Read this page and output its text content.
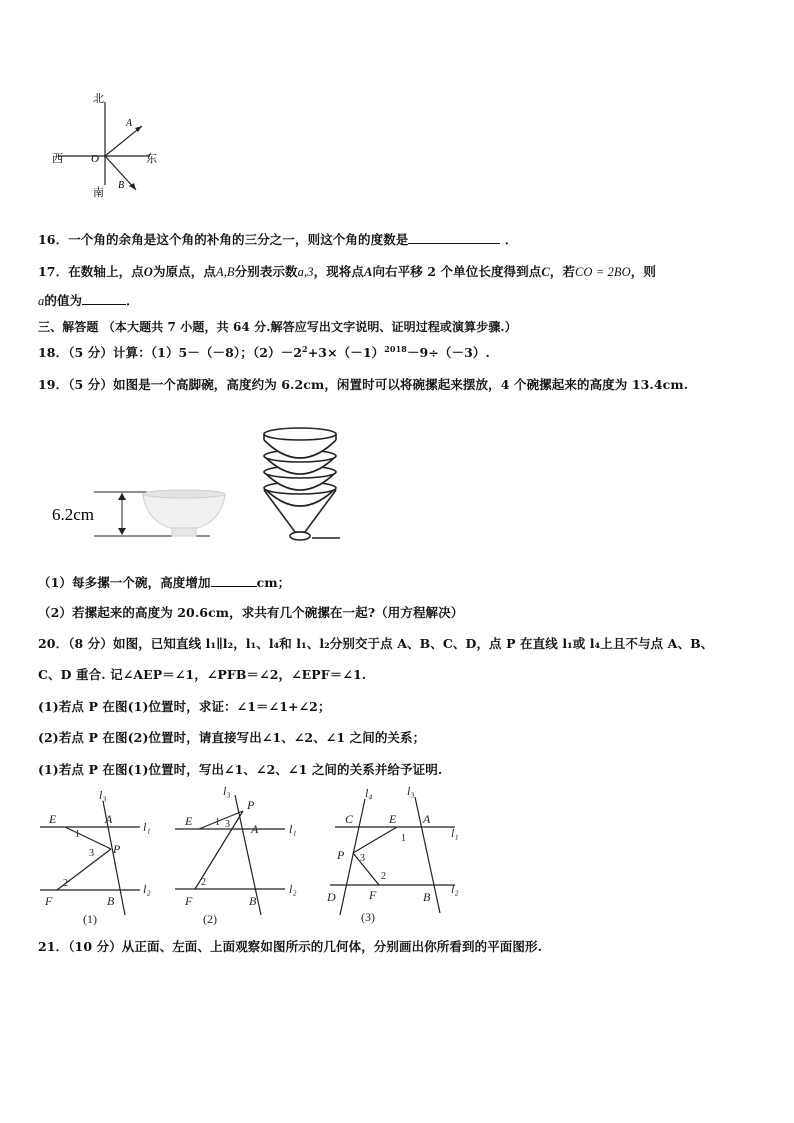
北
南
西	东
O
A
B
16．一个角的余角是这个角的补角的三分之一，则这个角的度数是	．
17．在数轴上，点O为原点，点A,B分别表示数a,3，现将点A向右平移 2 个单位长度得到点C，若CO = 2BO，则
a的值为	．
三、解答题 （本大题共 7 小题，共 64 分.解答应写出文字说明、证明过程或演算步骤.）
18．（5 分）计算：（1）5－（－8）；$(2)-2^2+3\times(-1)^{2018}-9\div(-3)$.
19．（5 分）如图是一个高脚碗，高度约为 6.2cm，闲置时可以将碗摞起来摆放，4 个碗摞起来的高度为 13.4cm.
6.2cm
（1）每多摞一个碗，高度增加	cm；
（2）若摞起来的高度为 20.6cm，求共有几个碗摞在一起?（用方程解决）
20．（8 分）如图，已知直线 l₁∥l₂，l₁、l₄和 l₁、l₂分别交于点 A、B、C、D，点 P 在直线 l₁或 l₄上且不与点 A、B、
C、D 重合. 记∠AEP＝∠1，∠PFB＝∠2，∠EPF＝∠1.
(1)若点 P 在图(1)位置时，求证：∠1＝∠1+∠2；
(2)若点 P 在图(2)位置时，请直接写出∠1、∠2、∠1 之间的关系；
(1)若点 P 在图(1)位置时，写出∠1、∠2、∠1 之间的关系并给予证明.
E	A
P
F	B
1
3
2
l₁
l₂
l₃
(1)
E
P
A
F	B
1 3
2
l₁
l₂
l₃
(2)
C	E A
P
D	F	B
1
3
2
l₁
l₂
l₄	l₃
(3)
21．（10 分）从正面、左面、上面观察如图所示的几何体，分别画出你所看到的平面图形.
